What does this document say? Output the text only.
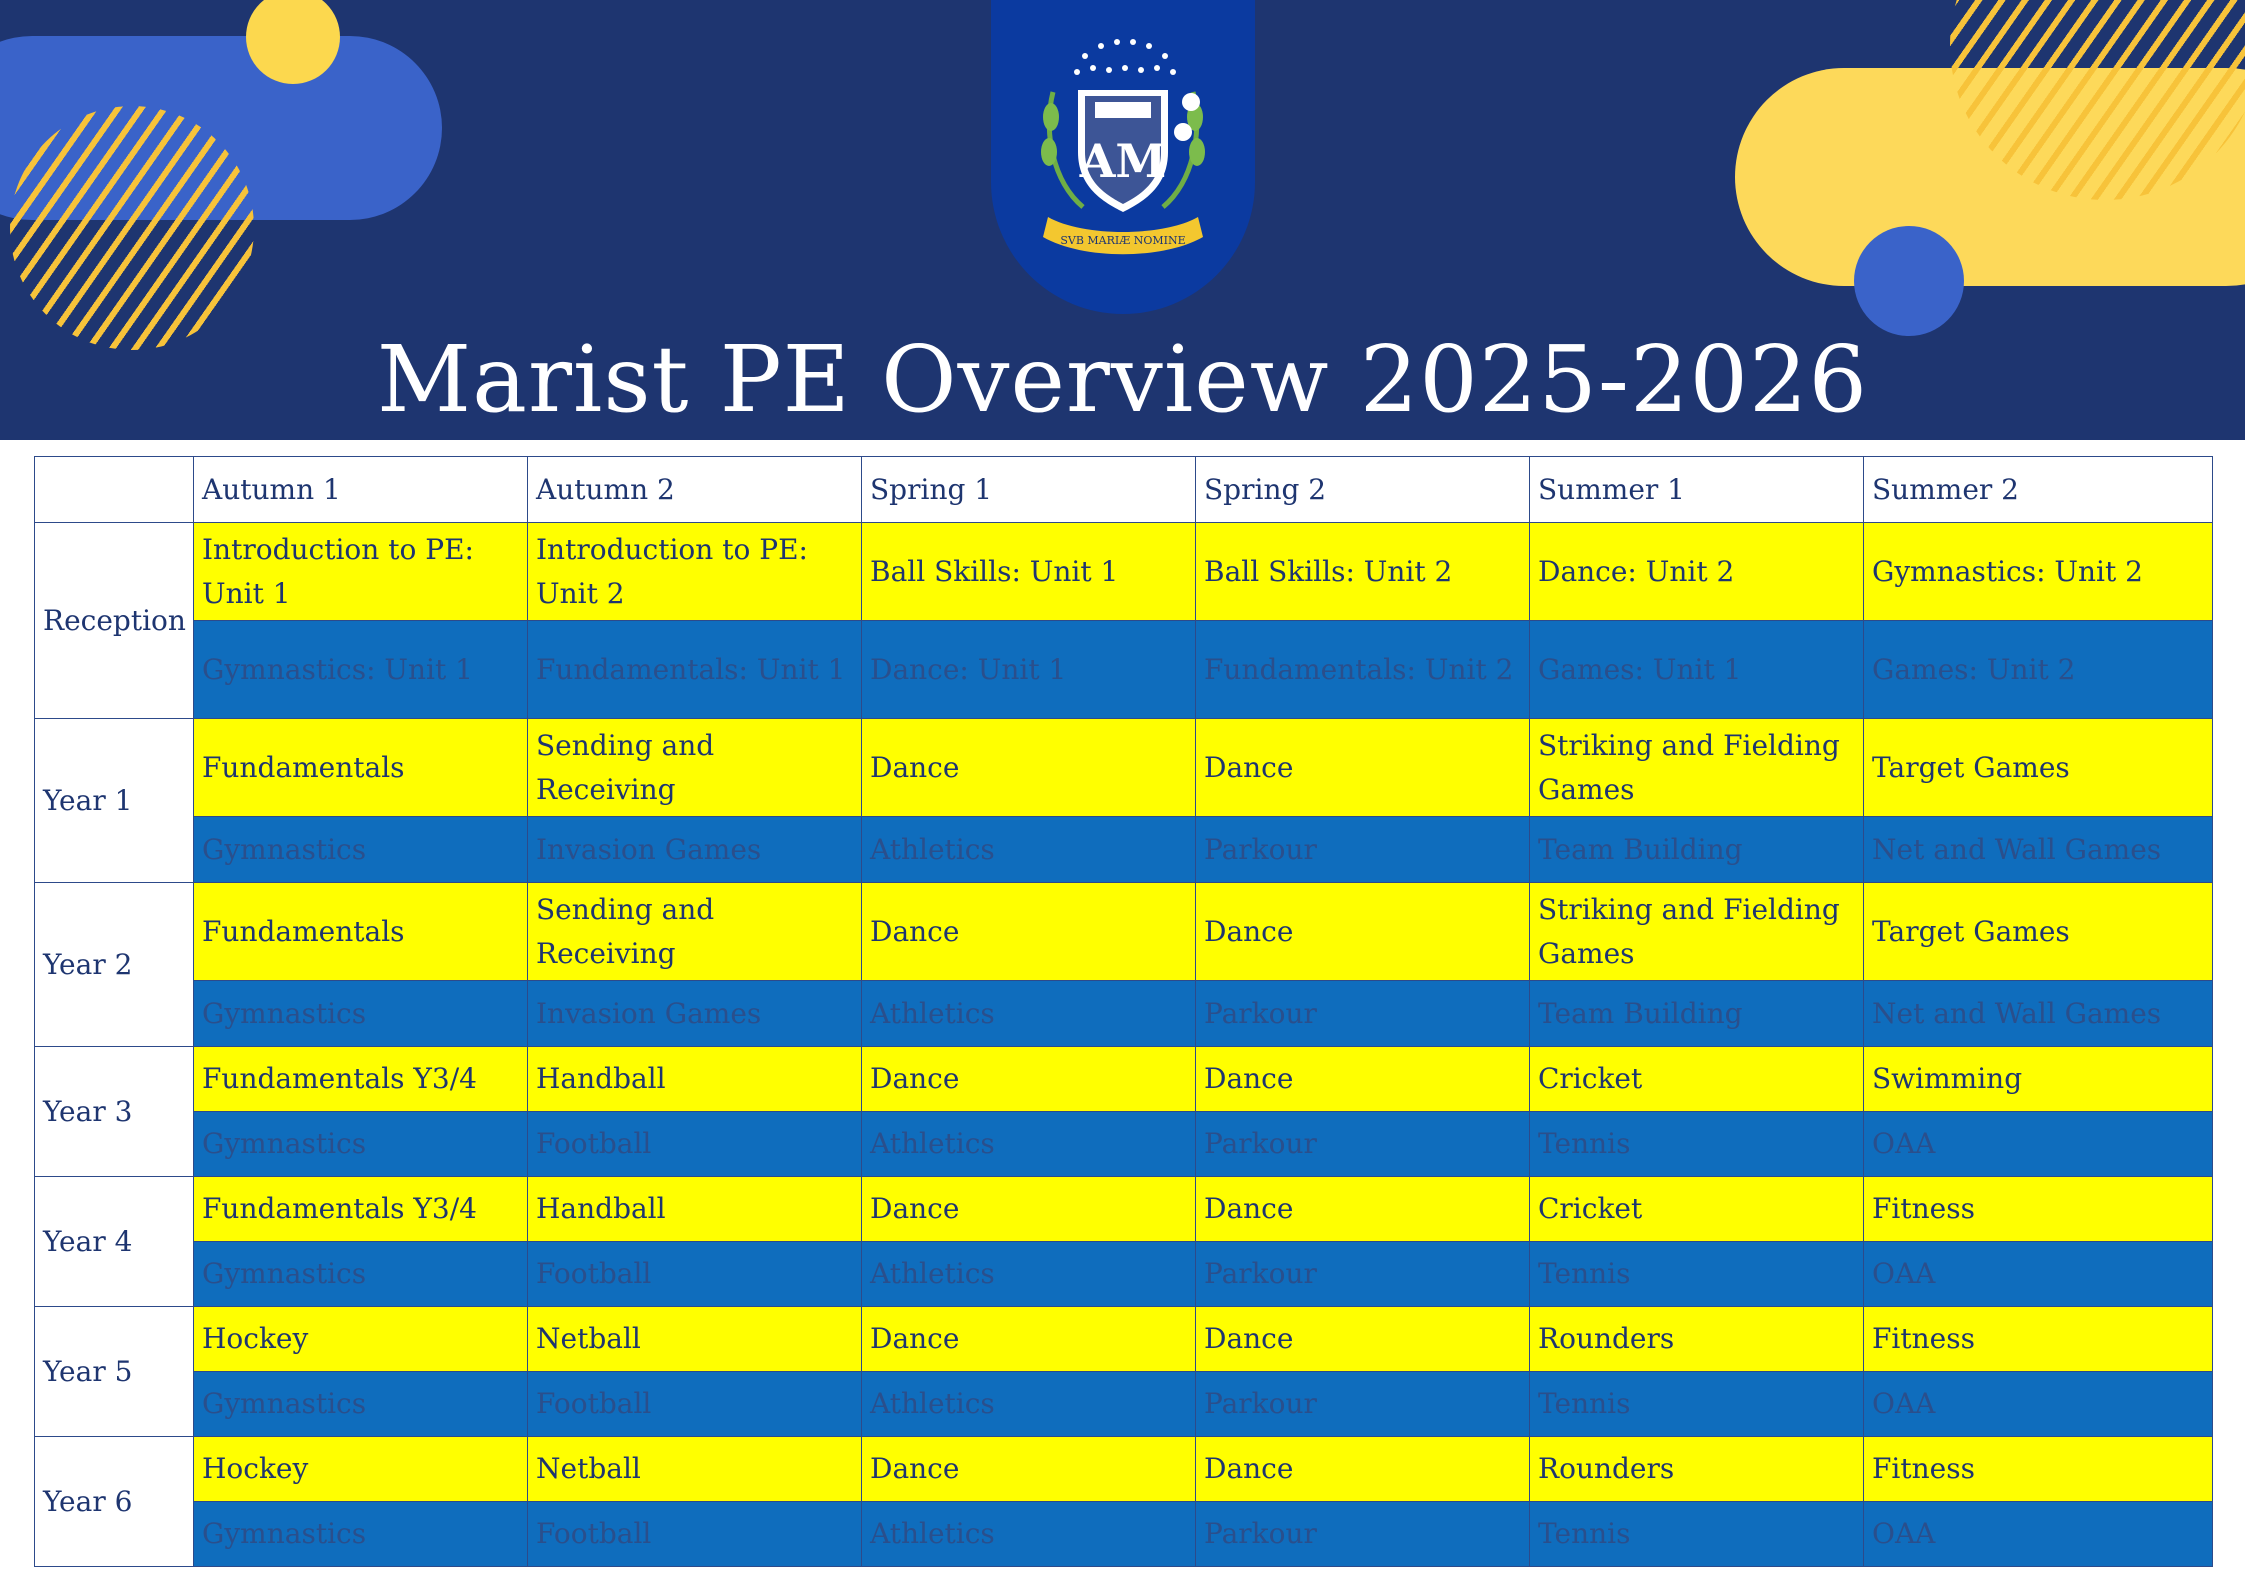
AM
SVB MARIÆ NOMINE
Marist PE Overview 2025-2026
	Autumn 1	Autumn 2	Spring 1	Spring 2	Summer 1	Summer 2
Reception	Introduction to PE: Unit 1	Introduction to PE: Unit 2	Ball Skills: Unit 1	Ball Skills: Unit 2	Dance: Unit 2	Gymnastics: Unit 2
	Gymnastics: Unit 1	Fundamentals: Unit 1	Dance: Unit 1	Fundamentals: Unit 2	Games: Unit 1	Games: Unit 2
Year 1	Fundamentals	Sending and Receiving	Dance	Dance	Striking and Fielding Games	Target Games
	Gymnastics	Invasion Games	Athletics	Parkour	Team Building	Net and Wall Games
Year 2	Fundamentals	Sending and Receiving	Dance	Dance	Striking and Fielding Games	Target Games
	Gymnastics	Invasion Games	Athletics	Parkour	Team Building	Net and Wall Games
Year 3	Fundamentals Y3/4	Handball	Dance	Dance	Cricket	Swimming
	Gymnastics	Football	Athletics	Parkour	Tennis	OAA
Year 4	Fundamentals Y3/4	Handball	Dance	Dance	Cricket	Fitness
	Gymnastics	Football	Athletics	Parkour	Tennis	OAA
Year 5	Hockey	Netball	Dance	Dance	Rounders	Fitness
	Gymnastics	Football	Athletics	Parkour	Tennis	OAA
Year 6	Hockey	Netball	Dance	Dance	Rounders	Fitness
	Gymnastics	Football	Athletics	Parkour	Tennis	OAA
